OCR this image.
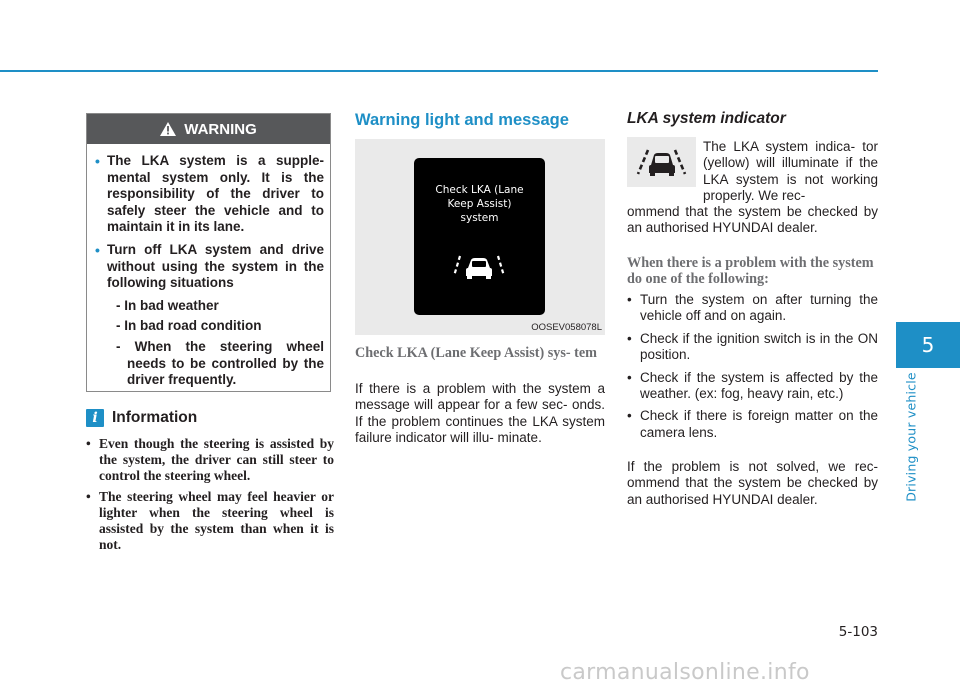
5
Driving your vehicle
WARNING
• The LKA system is a supple- mental system only. It is the responsibility of the driver to safely steer the vehicle and to maintain it in its lane.
• Turn off LKA system and drive without using the system in the following situations
- In bad weather
- In bad road condition
- When the steering wheel needs to be controlled by the driver frequently.
i Information
• Even though the steering is assisted by the system, the driver can still steer to control the steering wheel.
• The steering wheel may feel heavier or lighter when the steering wheel is assisted by the system than when it is not.
Warning light and message
Check LKA (Lane
Keep Assist)
system
OOSEV058078L
Check LKA (Lane Keep Assist) sys- tem
If there is a problem with the system a message will appear for a few sec- onds. If the problem continues the LKA system failure indicator will illu- minate.
LKA system indicator
The LKA system indica- tor (yellow) will illuminate if the LKA system is not working properly. We rec-
ommend that the system be checked by an authorised HYUNDAI dealer.
When there is a problem with the system do one of the following:
• Turn the system on after turning the vehicle off and on again.
• Check if the ignition switch is in the ON position.
• Check if the system is affected by the weather. (ex: fog, heavy rain, etc.)
• Check if there is foreign matter on the camera lens.
If the problem is not solved, we rec- ommend that the system be checked by an authorised HYUNDAI dealer.
5-103
carmanualsonline.info
